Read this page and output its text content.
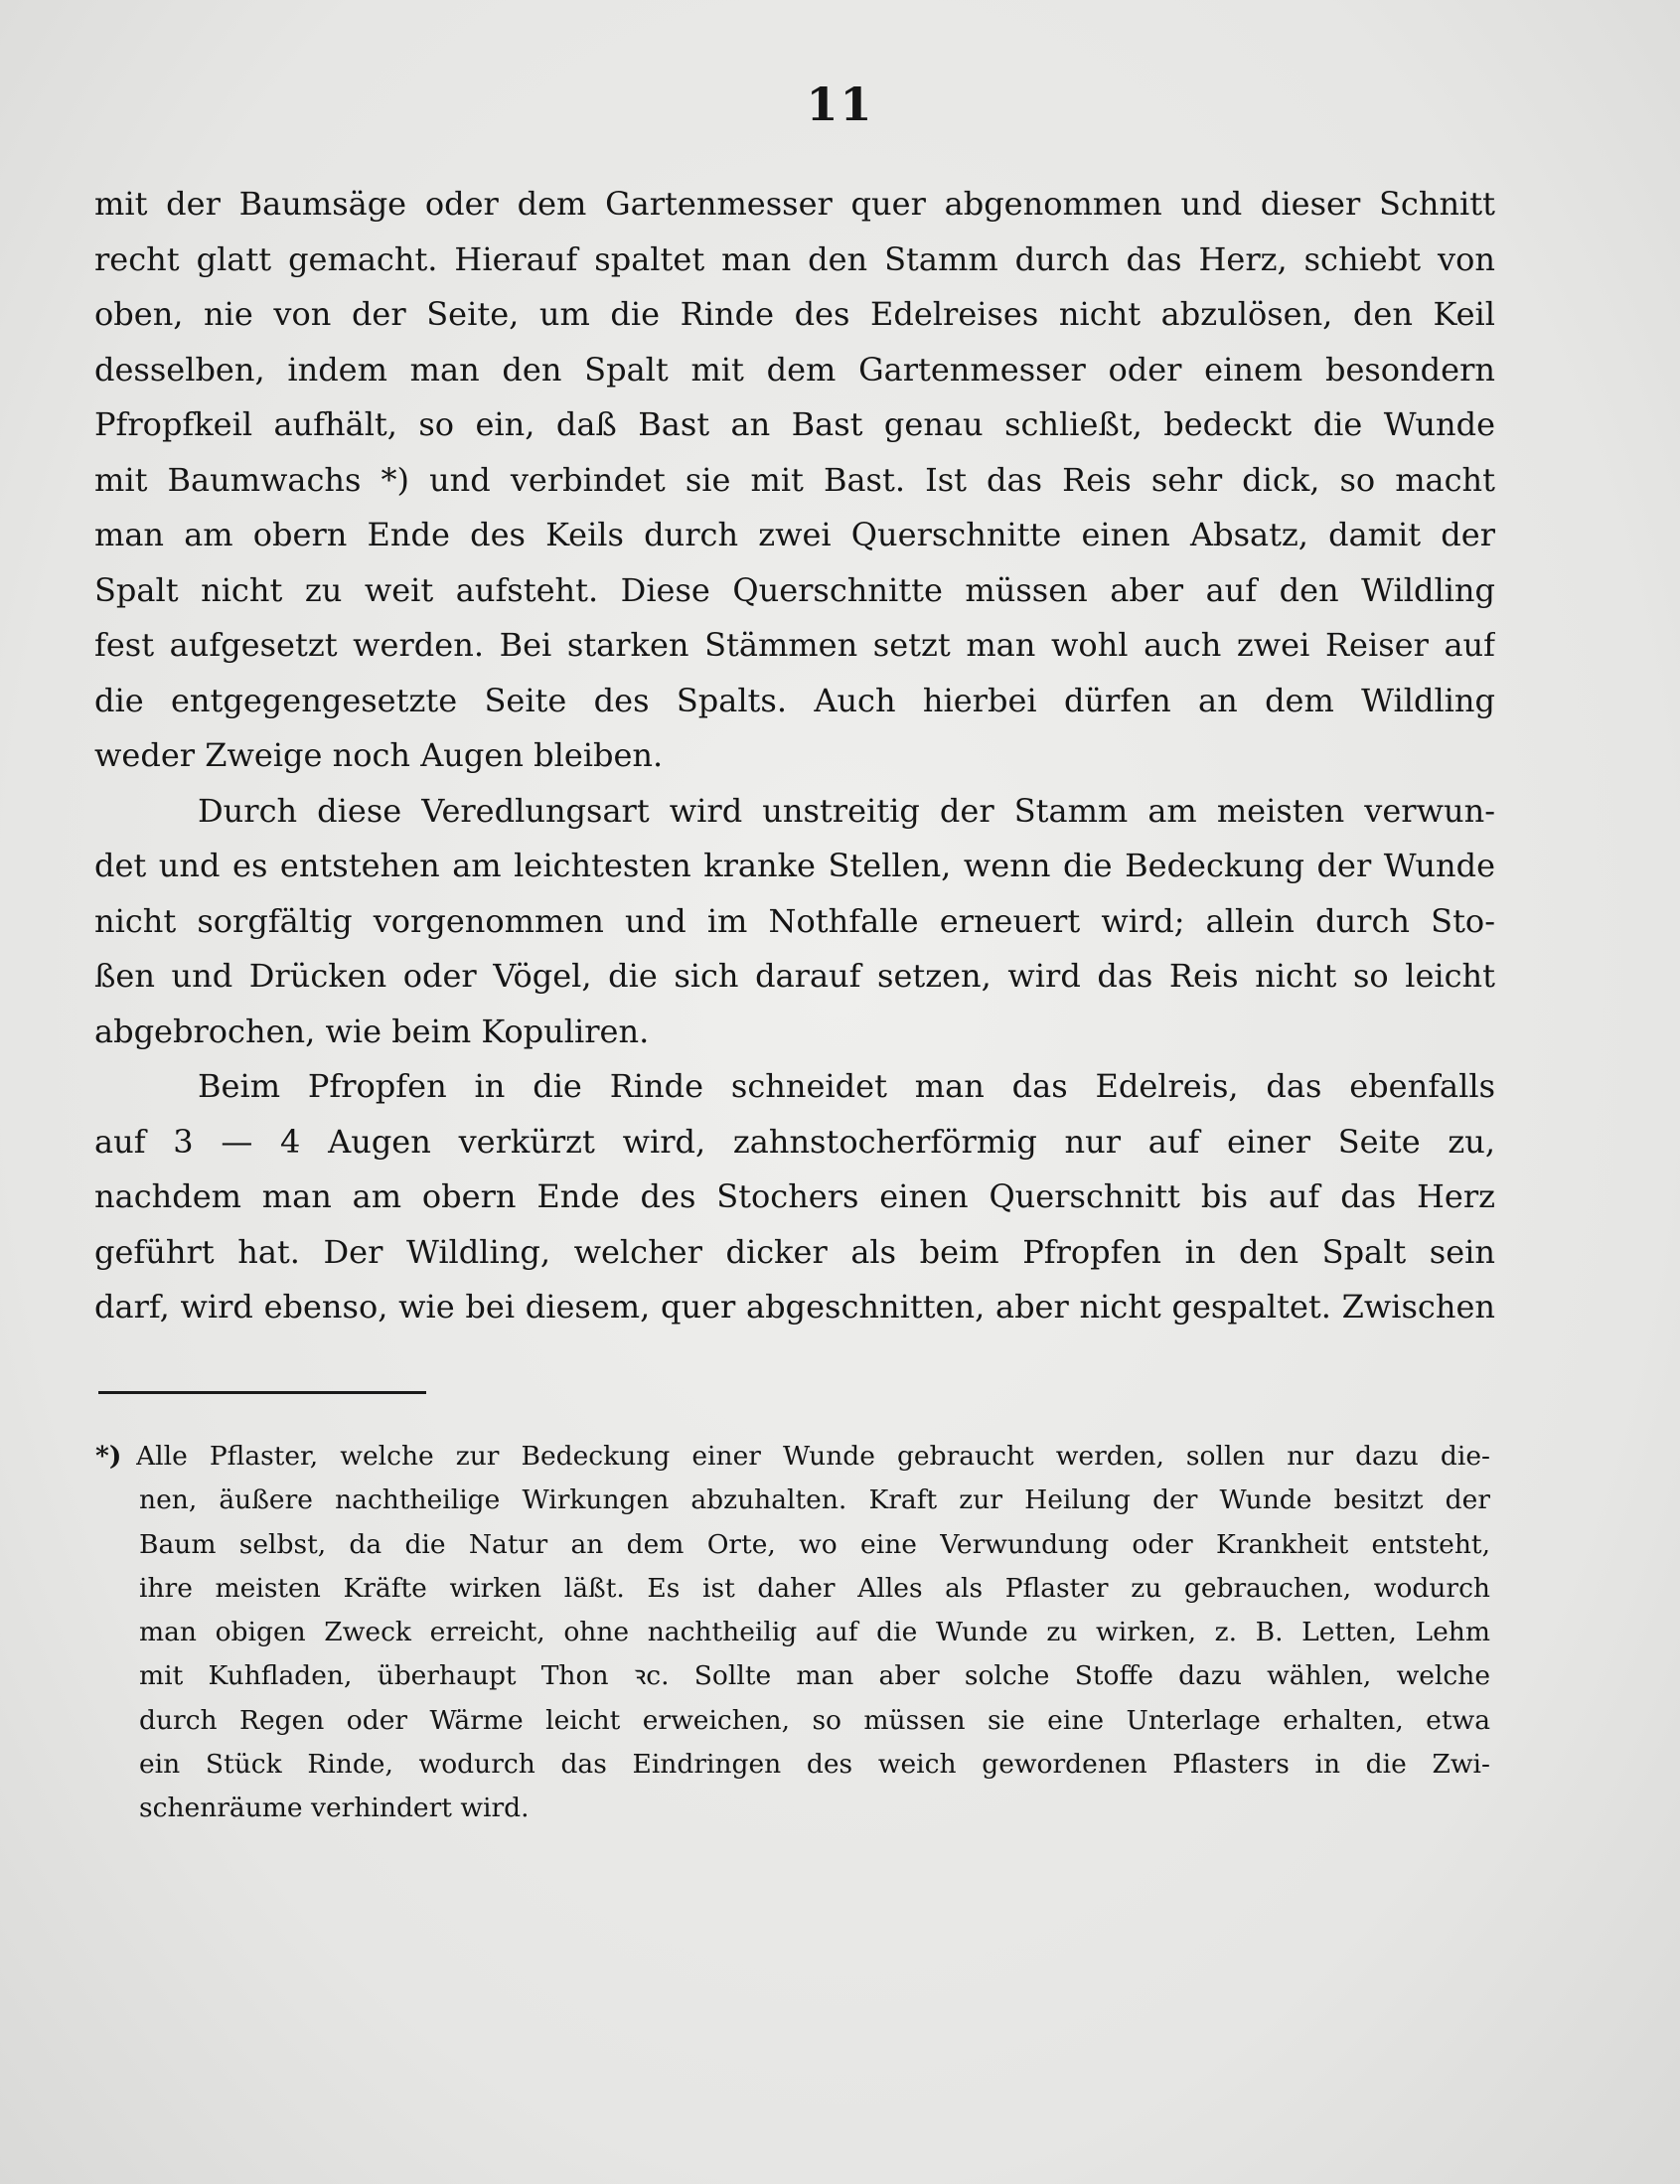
11
mit der Baumsäge oder dem Gartenmesser quer abgenommen und dieser Schnitt
recht glatt gemacht. Hierauf spaltet man den Stamm durch das Herz, schiebt von
oben, nie von der Seite, um die Rinde des Edelreises nicht abzulösen, den Keil
desselben, indem man den Spalt mit dem Gartenmesser oder einem besondern
Pfropfkeil aufhält, so ein, daß Bast an Bast genau schließt, bedeckt die Wunde
mit Baumwachs *) und verbindet sie mit Bast. Ist das Reis sehr dick, so macht
man am obern Ende des Keils durch zwei Querschnitte einen Absatz, damit der
Spalt nicht zu weit aufsteht. Diese Querschnitte müssen aber auf den Wildling
fest aufgesetzt werden. Bei starken Stämmen setzt man wohl auch zwei Reiser auf
die entgegengesetzte Seite des Spalts. Auch hierbei dürfen an dem Wildling
weder Zweige noch Augen bleiben.
Durch diese Veredlungsart wird unstreitig der Stamm am meisten verwun-
det und es entstehen am leichtesten kranke Stellen, wenn die Bedeckung der Wunde
nicht sorgfältig vorgenommen und im Nothfalle erneuert wird; allein durch Sto-
ßen und Drücken oder Vögel, die sich darauf setzen, wird das Reis nicht so leicht
abgebrochen, wie beim Kopuliren.
Beim Pfropfen in die Rinde schneidet man das Edelreis, das ebenfalls
auf 3 — 4 Augen verkürzt wird, zahnstocherförmig nur auf einer Seite zu,
nachdem man am obern Ende des Stochers einen Querschnitt bis auf das Herz
geführt hat. Der Wildling, welcher dicker als beim Pfropfen in den Spalt sein
darf, wird ebenso, wie bei diesem, quer abgeschnitten, aber nicht gespaltet. Zwischen
*) Alle Pflaster, welche zur Bedeckung einer Wunde gebraucht werden, sollen nur dazu die-
nen, äußere nachtheilige Wirkungen abzuhalten. Kraft zur Heilung der Wunde besitzt der
Baum selbst, da die Natur an dem Orte, wo eine Verwundung oder Krankheit entsteht,
ihre meisten Kräfte wirken läßt. Es ist daher Alles als Pflaster zu gebrauchen, wodurch
man obigen Zweck erreicht, ohne nachtheilig auf die Wunde zu wirken, z. B. Letten, Lehm
mit Kuhfladen, überhaupt Thon ꝛc. Sollte man aber solche Stoffe dazu wählen, welche
durch Regen oder Wärme leicht erweichen, so müssen sie eine Unterlage erhalten, etwa
ein Stück Rinde, wodurch das Eindringen des weich gewordenen Pflasters in die Zwi-
schenräume verhindert wird.
